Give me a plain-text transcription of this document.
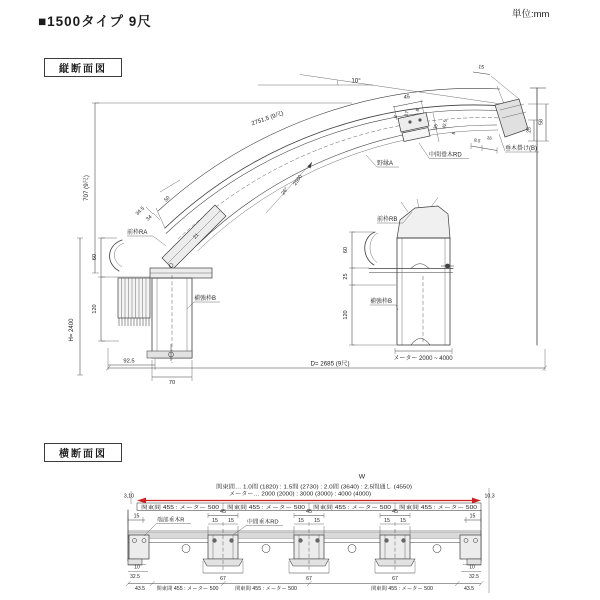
■1500タイプ 9尺	単位:mm
縦断面図
10°
707 (9尺)
60
120
H= 2400
2751.5 (9尺)
2500
26°
34.5
34
50
21
前枠RA
補強枠B
45
8 17
8
35 42.5
8
8.5 16
中間垂木RD
野縁A
15
58
25
垂木掛け(B)
92.5
70
D= 2685 (9尺)
60
25
120
メーター 2000 ~ 4000
前枠RB
補強枠B
横断面図
W
関東間… 1.0間 (1820) : 1.5間 (2730) : 2.0間 (3640) : 2.5間通し (4550)
メーター… 2000 (2000) : 3000 (3000) : 4000 (4000)
3,10	10,3
関東間 455 : メーター 500	関東間 455 : メーター 500	関東間 455 : メーター 500	関東間 455 : メーター 500
15
端部垂木R
10
32.5
45
15 15
67
中間垂木RD
45
15 15
67
45
15 15
67
15
10
32.5
43.5 関東間 455 : メーター 500	関東間 455 : メーター 500	関東間 455 : メーター 500	43.5
